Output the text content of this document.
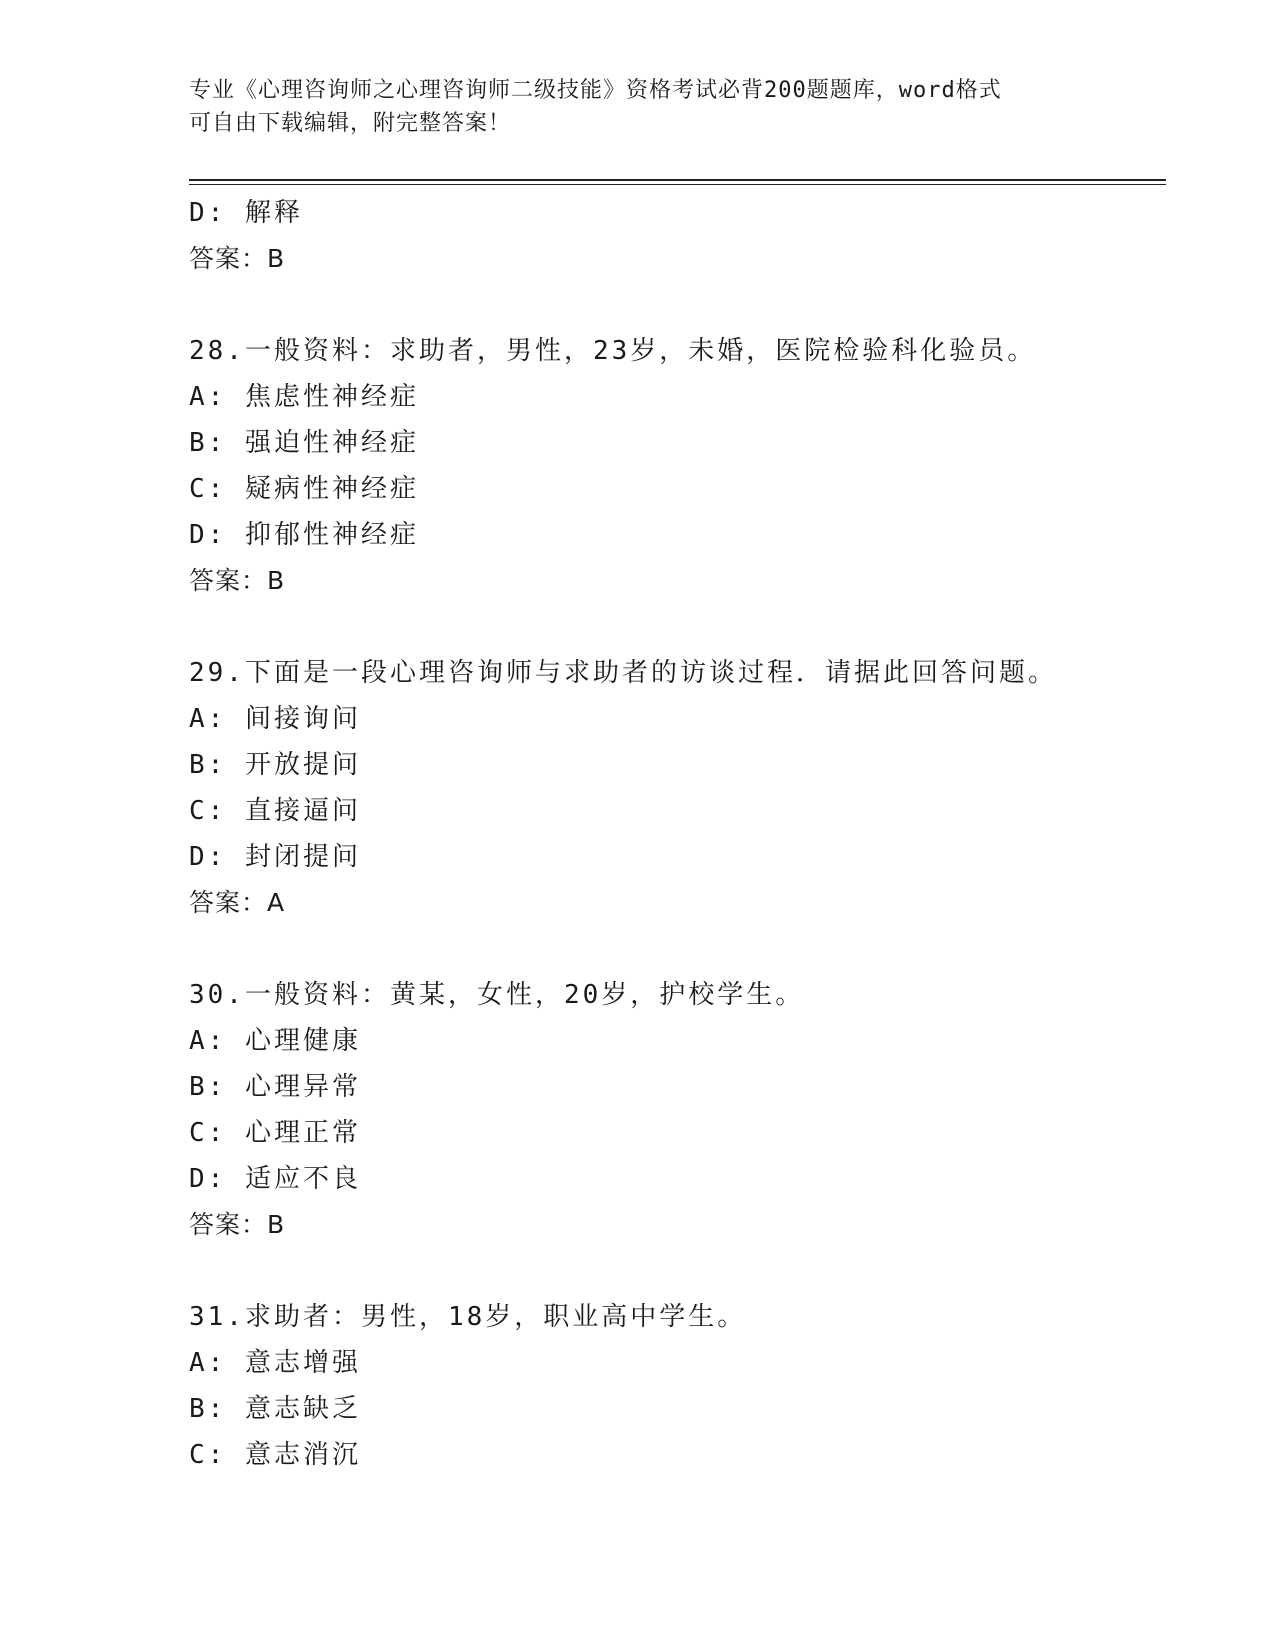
专业《心理咨询师之心理咨询师二级技能》资格考试必背200题题库，word格式
可自由下载编辑，附完整答案！
D: 解释
答案：B
28.一般资料：求助者，男性，23岁，未婚，医院检验科化验员。
A: 焦虑性神经症
B: 强迫性神经症
C: 疑病性神经症
D: 抑郁性神经症
答案：B
29.下面是一段心理咨询师与求助者的访谈过程．请据此回答问题。
A: 间接询问
B: 开放提问
C: 直接逼问
D: 封闭提问
答案：A
30.一般资料：黄某，女性，20岁，护校学生。
A: 心理健康
B: 心理异常
C: 心理正常
D: 适应不良
答案：B
31.求助者：男性，18岁，职业高中学生。
A: 意志增强
B: 意志缺乏
C: 意志消沉
